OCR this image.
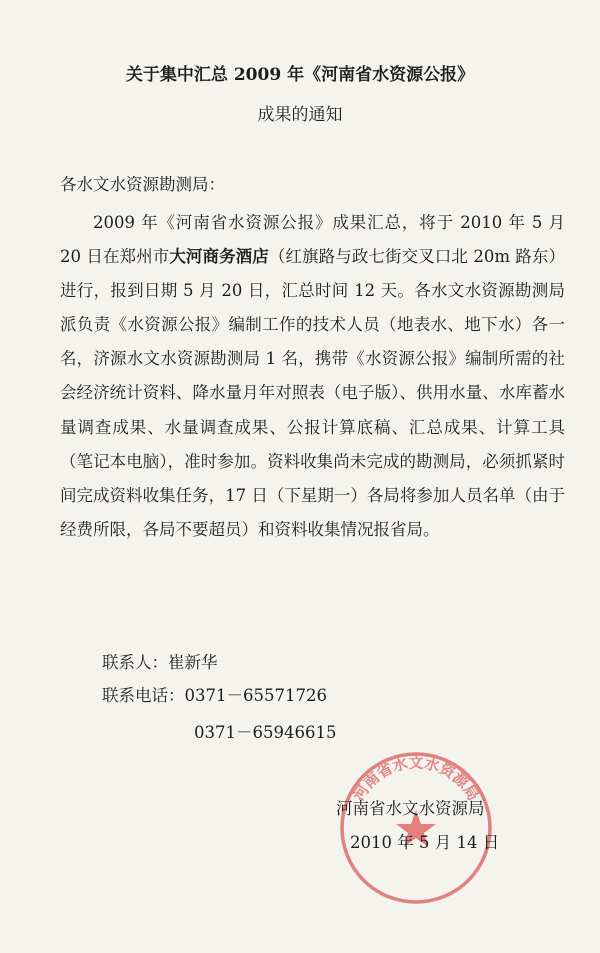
关于集中汇总 2009 年《河南省水资源公报》
成果的通知
各水文水资源勘测局：
2009 年《河南省水资源公报》成果汇总，将于 2010 年 5 月 20 日在郑州市大河商务酒店（红旗路与政七街交叉口北 20m 路东）进行，报到日期 5 月 20 日，汇总时间 12 天。各水文水资源勘测局派负责《水资源公报》编制工作的技术人员（地表水、地下水）各一名，济源水文水资源勘测局 1 名，携带《水资源公报》编制所需的社会经济统计资料、降水量月年对照表（电子版）、供用水量、水库蓄水量调查成果、水量调查成果、公报计算底稿、汇总成果、计算工具（笔记本电脑），准时参加。资料收集尚未完成的勘测局，必须抓紧时间完成资料收集任务，17 日（下星期一）各局将参加人员名单（由于经费所限，各局不要超员）和资料收集情况报省局。
联系人：崔新华
联系电话：0371－65571726
0371－65946615
河南省水文水资源局
河南省水文水资源局
2010 年 5 月 14 日
